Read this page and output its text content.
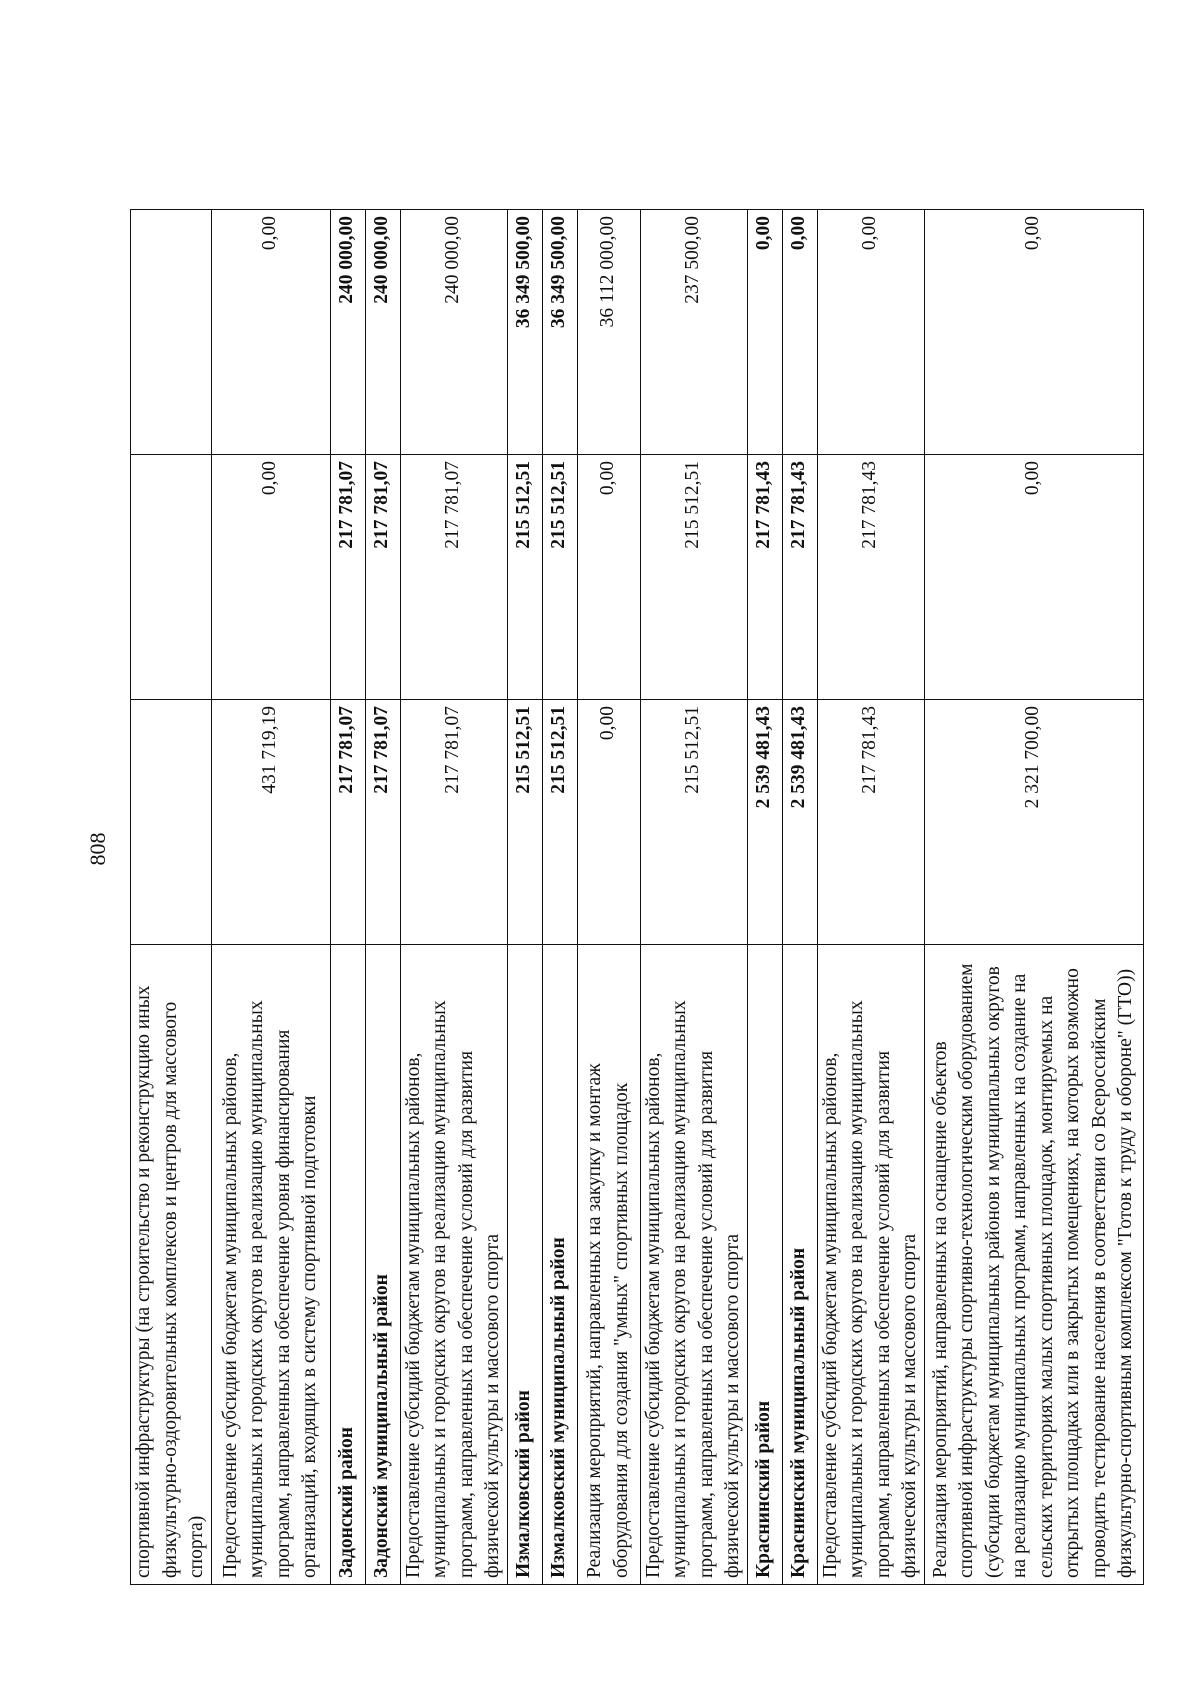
808
спортивной инфраструктуры (на строительство и реконструкцию иных физкультурно-оздоровительных комплексов и центров для массового спорта)			
Предоставление субсидии бюджетам муниципальных районов, муниципальных и городских округов на реализацию муниципальных программ, направленных на обеспечение уровня финансирования организаций, входящих в систему спортивной подготовки	431 719,19	0,00	0,00
Задонский район	217 781,07	217 781,07	240 000,00
Задонский муниципальный район	217 781,07	217 781,07	240 000,00
Предоставление субсидий бюджетам муниципальных районов, муниципальных и городских округов на реализацию муниципальных программ, направленных на обеспечение условий для развития физической культуры и массового спорта	217 781,07	217 781,07	240 000,00
Измалковский район	215 512,51	215 512,51	36 349 500,00
Измалковский муниципальный район	215 512,51	215 512,51	36 349 500,00
Реализация мероприятий, направленных на закупку и монтаж оборудования для создания "умных" спортивных площадок	0,00	0,00	36 112 000,00
Предоставление субсидий бюджетам муниципальных районов, муниципальных и городских округов на реализацию муниципальных программ, направленных на обеспечение условий для развития физической культуры и массового спорта	215 512,51	215 512,51	237 500,00
Краснинский район	2 539 481,43	217 781,43	0,00
Краснинский муниципальный район	2 539 481,43	217 781,43	0,00
Предоставление субсидий бюджетам муниципальных районов, муниципальных и городских округов на реализацию муниципальных программ, направленных на обеспечение условий для развития физической культуры и массового спорта	217 781,43	217 781,43	0,00
Реализация мероприятий, направленных на оснащение объектов спортивной инфраструктуры спортивно-технологическим оборудованием (субсидии бюджетам муниципальных районов и муниципальных округов на реализацию муниципальных программ, направленных на создание на сельских территориях малых спортивных площадок, монтируемых на открытых площадках или в закрытых помещениях, на которых возможно проводить тестирование населения в соответствии со Всероссийским физкультурно-спортивным комплексом "Готов к труду и обороне" (ГТО))	2 321 700,00	0,00	0,00
